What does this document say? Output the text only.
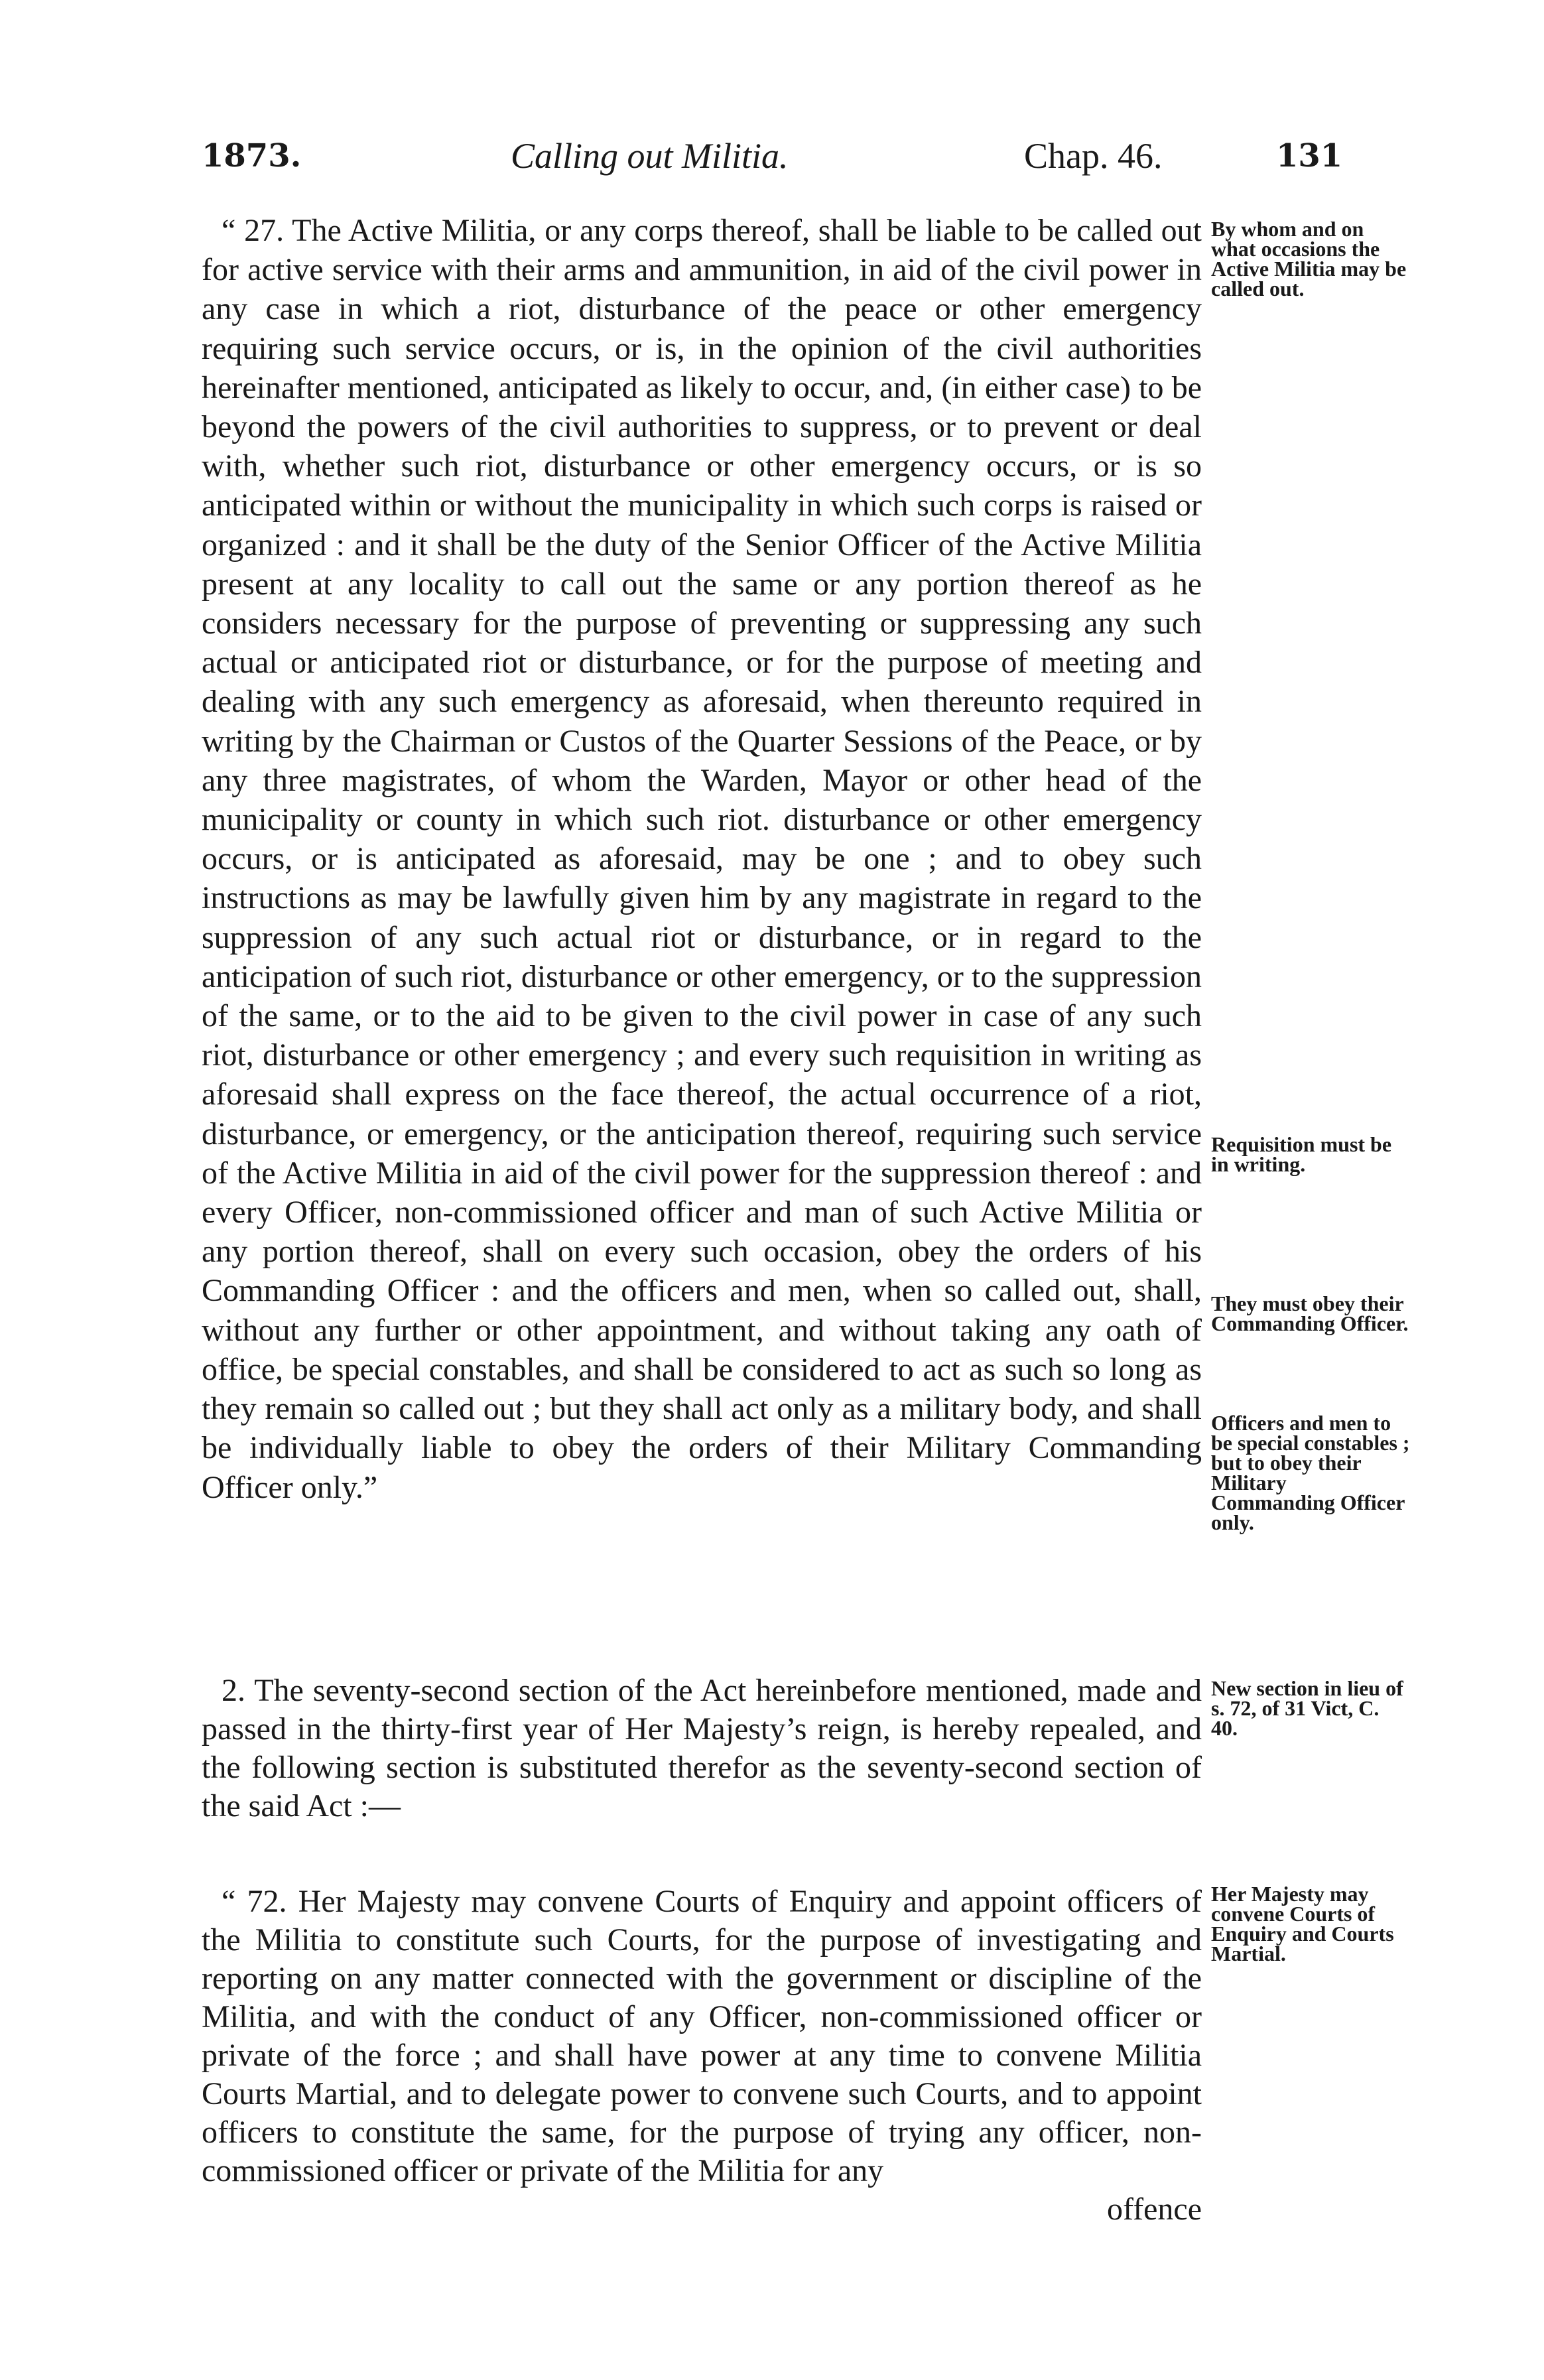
1873.	Calling out Militia.	Chap. 46.	131

“ 27. The Active Militia, or any corps thereof, shall be liable to be called out for active service with their arms and ammunition, in aid of the civil power in any case in which a riot, disturbance of the peace or other emergency requiring such service occurs, or is, in the opinion of the civil authorities hereinafter mentioned, anticipated as likely to occur, and, (in either case) to be beyond the powers of the civil authorities to suppress, or to prevent or deal with, whether such riot, disturbance or other emergency occurs, or is so anticipated within or without the municipality in which such corps is raised or organized : and it shall be the duty of the Senior Officer of the Active Militia present at any locality to call out the same or any portion thereof as he considers necessary for the purpose of preventing or suppressing any such actual or anticipated riot or disturbance, or for the purpose of meeting and dealing with any such emergency as aforesaid, when thereunto required in writing by the Chairman or Custos of the Quarter Sessions of the Peace, or by any three magistrates, of whom the Warden, Mayor or other head of the municipality or county in which such riot. disturbance or other emergency occurs, or is anticipated as aforesaid, may be one ; and to obey such instructions as may be lawfully given him by any magistrate in regard to the suppression of any such actual riot or disturbance, or in regard to the anticipation of such riot, disturbance or other emergency, or to the suppression of the same, or to the aid to be given to the civil power in case of any such riot, disturbance or other emergency ; and every such requisition in writing as aforesaid shall express on the face thereof, the actual occurrence of a riot, disturbance, or emergency, or the anticipation thereof, requiring such service of the Active Militia in aid of the civil power for the suppression thereof : and every Officer, non-commissioned officer and man of such Active Militia or any portion thereof, shall on every such occasion, obey the orders of his Commanding Officer : and the officers and men, when so called out, shall, without any further or other appointment, and without taking any oath of office, be special constables, and shall be considered to act as such so long as they remain so called out ; but they shall act only as a military body, and shall be individually liable to obey the orders of their Military Commanding Officer only.”

2. The seventy-second section of the Act hereinbefore mentioned, made and passed in the thirty-first year of Her Majesty’s reign, is hereby repealed, and the following section is substituted therefor as the seventy-second section of the said Act :—

“ 72. Her Majesty may convene Courts of Enquiry and appoint officers of the Militia to constitute such Courts, for the purpose of investigating and reporting on any matter connected with the government or discipline of the Militia, and with the conduct of any Officer, non-commissioned officer or private of the force ; and shall have power at any time to convene Militia Courts Martial, and to delegate power to convene such Courts, and to appoint officers to constitute the same, for the purpose of trying any officer, non-commissioned officer or private of the Militia for any

offence

By whom and on what occasions the Active Militia may be called out.
Requisition must be in writing.
They must obey their Commanding Officer.
Officers and men to be special constables ; but to obey their Military Commanding Officer only.
New section in lieu of s. 72, of 31 Vict, C. 40.
Her Majesty may convene Courts of Enquiry and Courts Martial.
